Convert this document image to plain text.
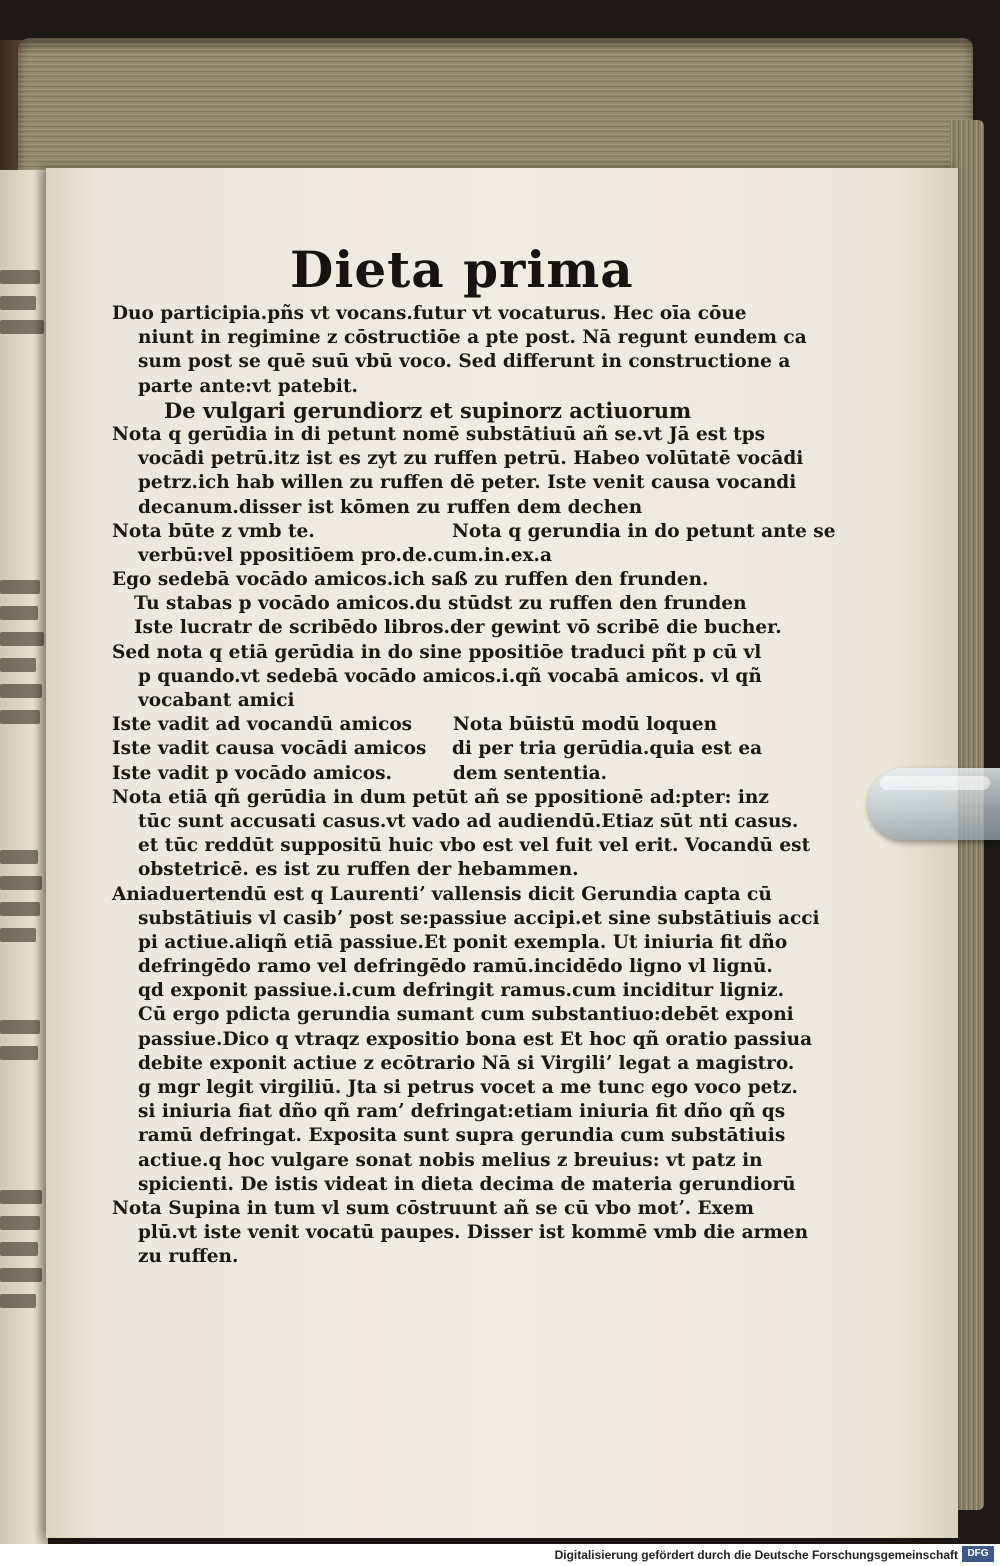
Dieta prima
Duo participia.pñs vt vocans.futur vt vocaturus. Hec oīa cōue
niunt in regimine z cōstructiōe a pte post. Nā regunt eundem ca
sum post se quē suū vbū voco. Sed differunt in constructione a
parte ante:vt patebit.
De vulgari gerundiorz et supinorz actiuorum
Nota q gerūdia in di petunt nomē substātiuū añ se.vt Jā est tps
vocādi petrū.itz ist es zyt zu ruffen petrū. Habeo volūtatē vocādi
petrz.ich hab willen zu ruffen dē peter. Iste venit causa vocandi
decanum.disser ist kōmen zu ruffen dem dechen
Nota būte z vmb te.	Nota q gerundia in do petunt ante se
verbū:vel ppositiōem pro.de.cum.in.ex.a
Ego sedebā vocādo amicos.ich saß zu ruffen den frunden.
Tu stabas p vocādo amicos.du stūdst zu ruffen den frunden
Iste lucratr de scribēdo libros.der gewint vō scribē die bucher.
Sed nota q etiā gerūdia in do sine ppositiōe traduci pñt p cū vl
p quando.vt sedebā vocādo amicos.i.qñ vocabā amicos. vl qñ
vocabant amici
Iste vadit ad vocandū amicos	Nota būistū modū loquen
Iste vadit causa vocādi amicos	di per tria gerūdia.quia est ea
Iste vadit p vocādo amicos.	dem sententia.
Nota etiā qñ gerūdia in dum petūt añ se ppositionē ad:pter: inz
tūc sunt accusati casus.vt vado ad audiendū.Etiaz sūt nti casus.
et tūc reddūt suppositū huic vbo est vel fuit vel erit. Vocandū est
obstetricē. es ist zu ruffen der hebammen.
Aniaduertendū est q Laurentiʼ vallensis dicit Gerundia capta cū
substātiuis vl casibʼ post se:passiue accipi.et sine substātiuis acci
pi actiue.aliqñ etiā passiue.Et ponit exempla. Ut iniuria fit dño
defringēdo ramo vel defringēdo ramū.incidēdo ligno vl lignū.
qd exponit passiue.i.cum defringit ramus.cum inciditur ligniz.
Cū ergo pdicta gerundia sumant cum substantiuo:debēt exponi
passiue.Dico q vtraqz expositio bona est Et hoc qñ oratio passiua
debite exponit actiue z ecōtrario Nā si Virgiliʼ legat a magistro.
g mgr legit virgiliū. Jta si petrus vocet a me tunc ego voco petz.
si iniuria fiat dño qñ ramʼ defringat:etiam iniuria fit dño qñ qs
ramū defringat. Exposita sunt supra gerundia cum substātiuis
actiue.q hoc vulgare sonat nobis melius z breuius: vt patz in
spicienti. De istis videat in dieta decima de materia gerundiorū
Nota Supina in tum vl sum cōstruunt añ se cū vbo motʼ. Exem
plū.vt iste venit vocatū paupes. Disser ist kommē vmb die armen
zu ruffen.
Digitalisierung gefördert durch die Deutsche Forschungsgemeinschaft DFG
